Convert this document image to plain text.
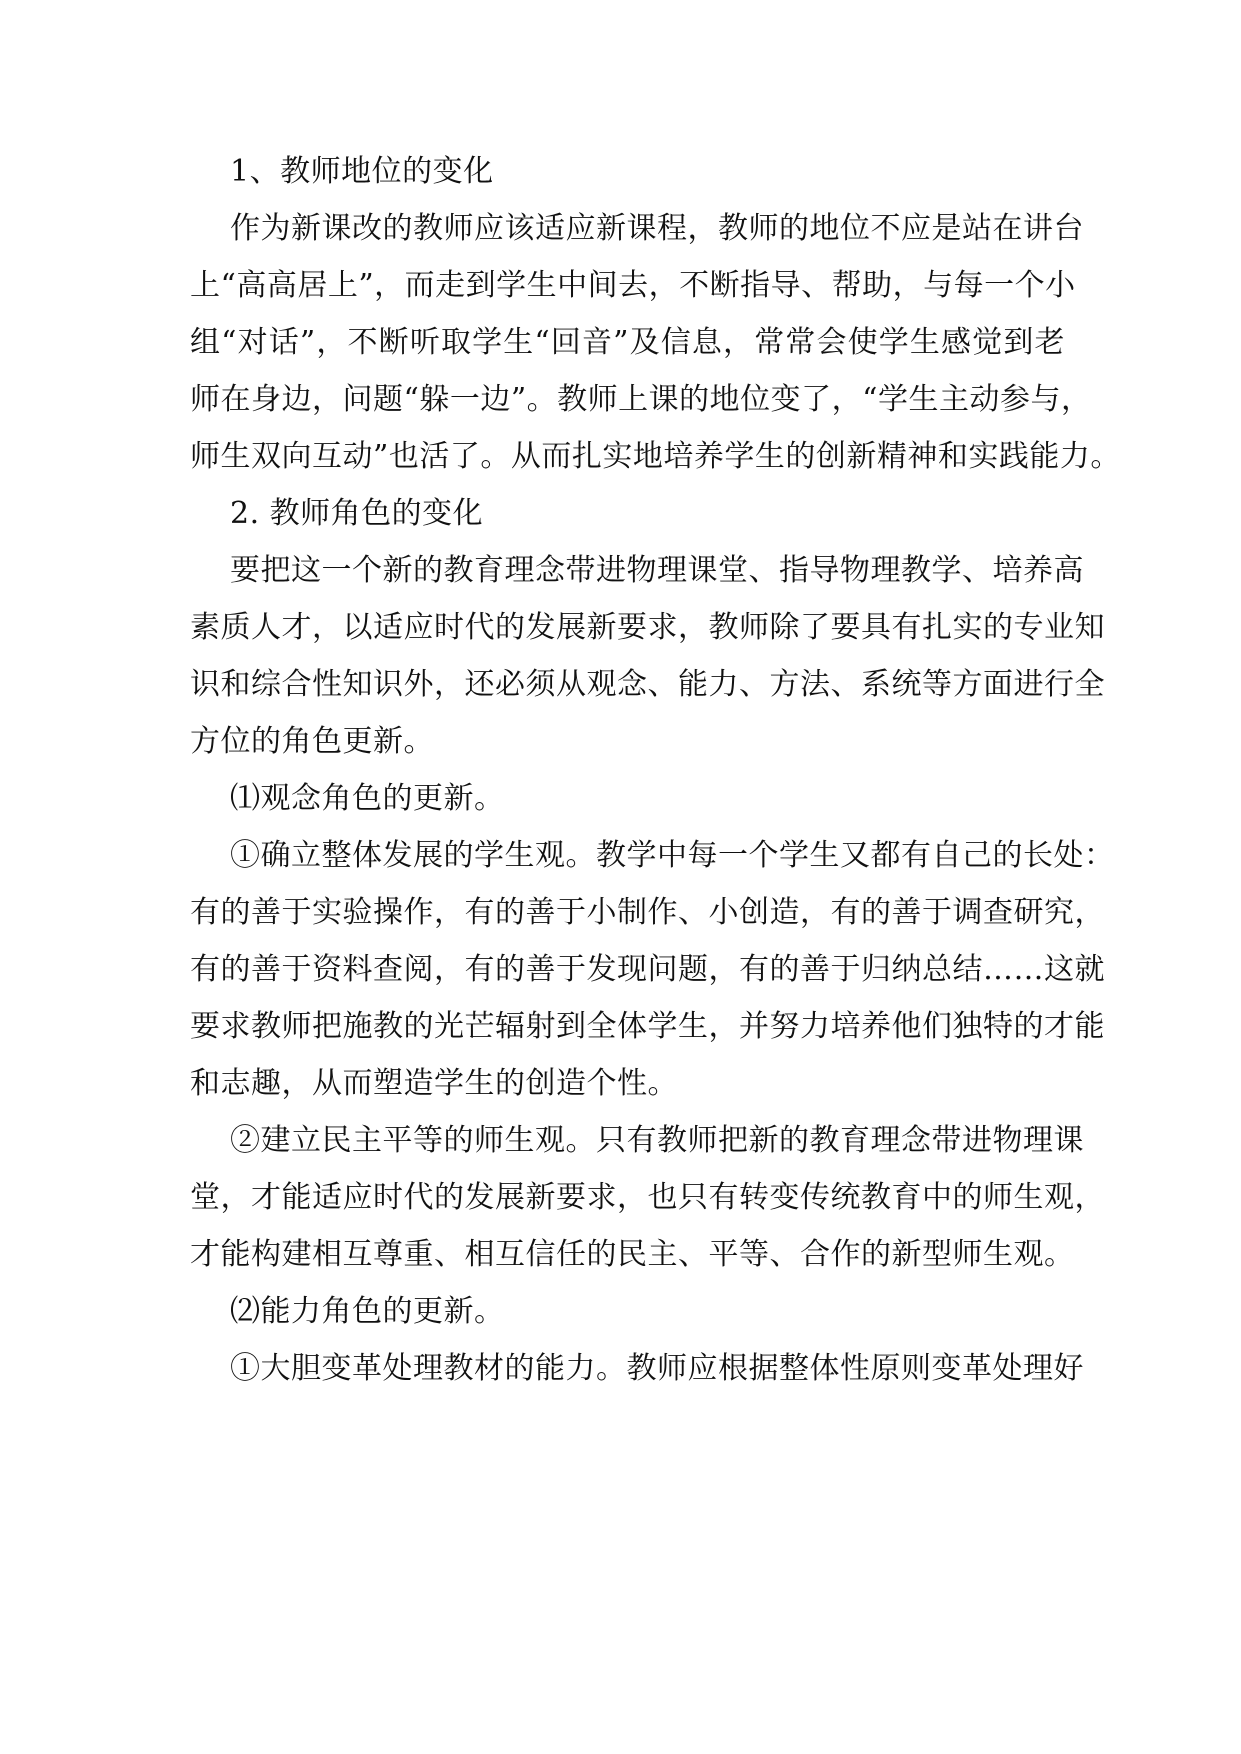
1、教师地位的变化
作为新课改的教师应该适应新课程，教师的地位不应是站在讲台
上“高高居上”，而走到学生中间去，不断指导、帮助，与每一个小
组“对话”，不断听取学生“回音”及信息，常常会使学生感觉到老
师在身边，问题“躲一边”。教师上课的地位变了，“学生主动参与，
师生双向互动”也活了。从而扎实地培养学生的创新精神和实践能力。
2. 教师角色的变化
要把这一个新的教育理念带进物理课堂、指导物理教学、培养高
素质人才，以适应时代的发展新要求，教师除了要具有扎实的专业知
识和综合性知识外，还必须从观念、能力、方法、系统等方面进行全
方位的角色更新。
⑴观念角色的更新。
①确立整体发展的学生观。教学中每一个学生又都有自己的长处：
有的善于实验操作，有的善于小制作、小创造，有的善于调查研究，
有的善于资料查阅，有的善于发现问题，有的善于归纳总结……这就
要求教师把施教的光芒辐射到全体学生，并努力培养他们独特的才能
和志趣，从而塑造学生的创造个性。
②建立民主平等的师生观。只有教师把新的教育理念带进物理课
堂，才能适应时代的发展新要求，也只有转变传统教育中的师生观，
才能构建相互尊重、相互信任的民主、平等、合作的新型师生观。
⑵能力角色的更新。
①大胆变革处理教材的能力。教师应根据整体性原则变革处理好
